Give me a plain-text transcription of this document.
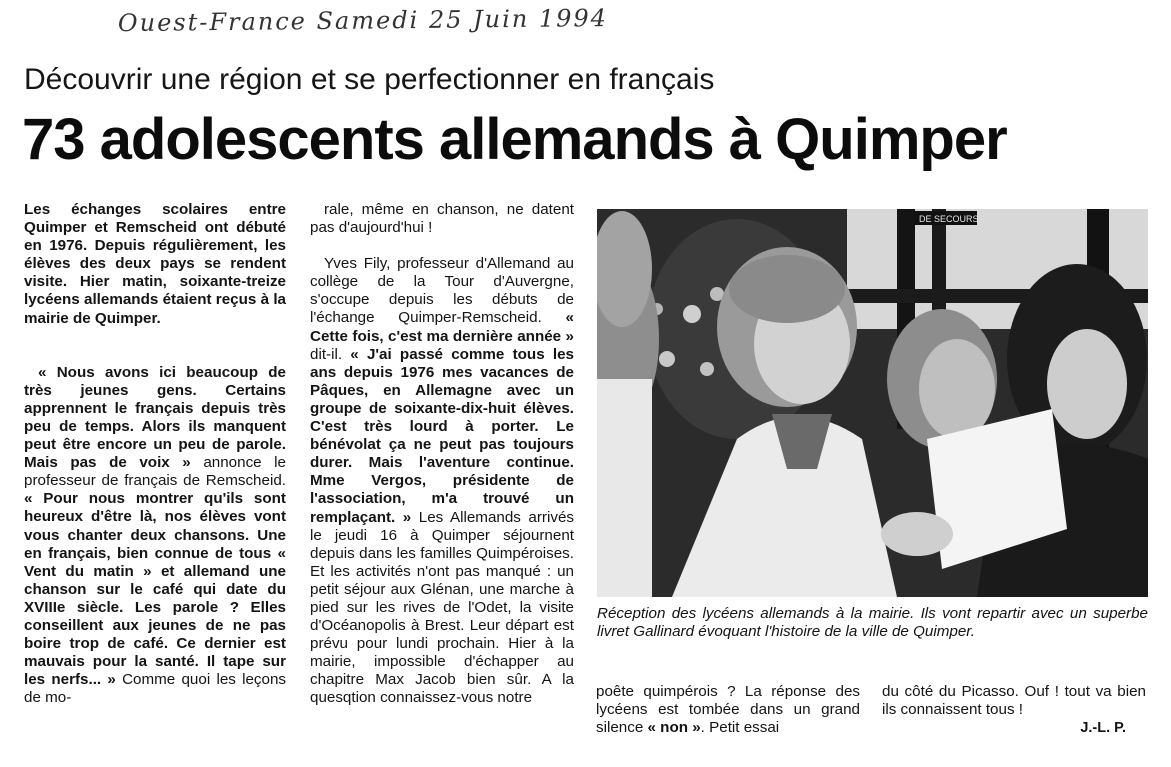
Ouest-France Samedi 25 Juin 1994
Découvrir une région et se perfectionner en français
73 adolescents allemands à Quimper

Les échanges scolaires entre Quimper et Remscheid ont débuté en 1976. Depuis régulièrement, les élèves des deux pays se rendent visite. Hier matin, soixante-treize lycéens allemands étaient reçus à la mairie de Quimper.

« Nous avons ici beaucoup de très jeunes gens. Certains apprennent le français depuis très peu de temps. Alors ils manquent peut être encore un peu de parole. Mais pas de voix » annonce le professeur de français de Remscheid. « Pour nous montrer qu'ils sont heureux d'être là, nos élèves vont vous chanter deux chansons. Une en français, bien connue de tous « Vent du matin » et allemand une chanson sur le café qui date du XVIIIe siècle. Les parole ? Elles conseillent aux jeunes de ne pas boire trop de café. Ce dernier est mauvais pour la santé. Il tape sur les nerfs... » Comme quoi les leçons de mo-

rale, même en chanson, ne datent pas d'aujourd'hui !

Yves Fily, professeur d'Allemand au collège de la Tour d'Auvergne, s'occupe depuis les débuts de l'échange Quimper-Remscheid. « Cette fois, c'est ma dernière année » dit-il. « J'ai passé comme tous les ans depuis 1976 mes vacances de Pâques, en Allemagne avec un groupe de soixante-dix-huit élèves. C'est très lourd à porter. Le bénévolat ça ne peut pas toujours durer. Mais l'aventure continue. Mme Vergos, présidente de l'association, m'a trouvé un remplaçant. » Les Allemands arrivés le jeudi 16 à Quimper séjournent depuis dans les familles Quimpéroises. Et les activités n'ont pas manqué : un petit séjour aux Glénan, une marche à pied sur les rives de l'Odet, la visite d'Océanopolis à Brest. Leur départ est prévu pour lundi prochain. Hier à la mairie, impossible d'échapper au chapitre Max Jacob bien sûr. A la quesqtion connaissez-vous notre

DE SECOURS
Réception des lycéens allemands à la mairie. Ils vont repartir avec un superbe livret Gallinard évoquant l'histoire de la ville de Quimper.

poête quimpérois ? La réponse des lycéens est tombée dans un grand silence « non ». Petit essai

du côté du Picasso. Ouf ! tout va bien ils connaissent tous !

J.-L. P.
